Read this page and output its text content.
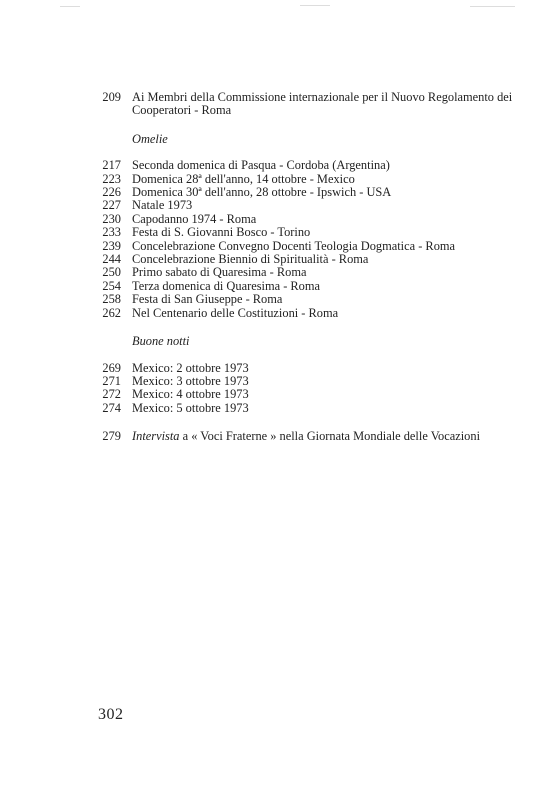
209 Ai Membri della Commissione internazionale per il Nuovo Regolamento dei Cooperatori - Roma
Omelie
217 Seconda domenica di Pasqua - Cordoba (Argentina)
223 Domenica 28ª dell'anno, 14 ottobre - Mexico
226 Domenica 30ª dell'anno, 28 ottobre - Ipswich - USA
227 Natale 1973
230 Capodanno 1974 - Roma
233 Festa di S. Giovanni Bosco - Torino
239 Concelebrazione Convegno Docenti Teologia Dogmatica - Roma
244 Concelebrazione Biennio di Spiritualità - Roma
250 Primo sabato di Quaresima - Roma
254 Terza domenica di Quaresima - Roma
258 Festa di San Giuseppe - Roma
262 Nel Centenario delle Costituzioni - Roma
Buone notti
269 Mexico: 2 ottobre 1973
271 Mexico: 3 ottobre 1973
272 Mexico: 4 ottobre 1973
274 Mexico: 5 ottobre 1973
279 Intervista a « Voci Fraterne » nella Giornata Mondiale delle Vocazioni
302
